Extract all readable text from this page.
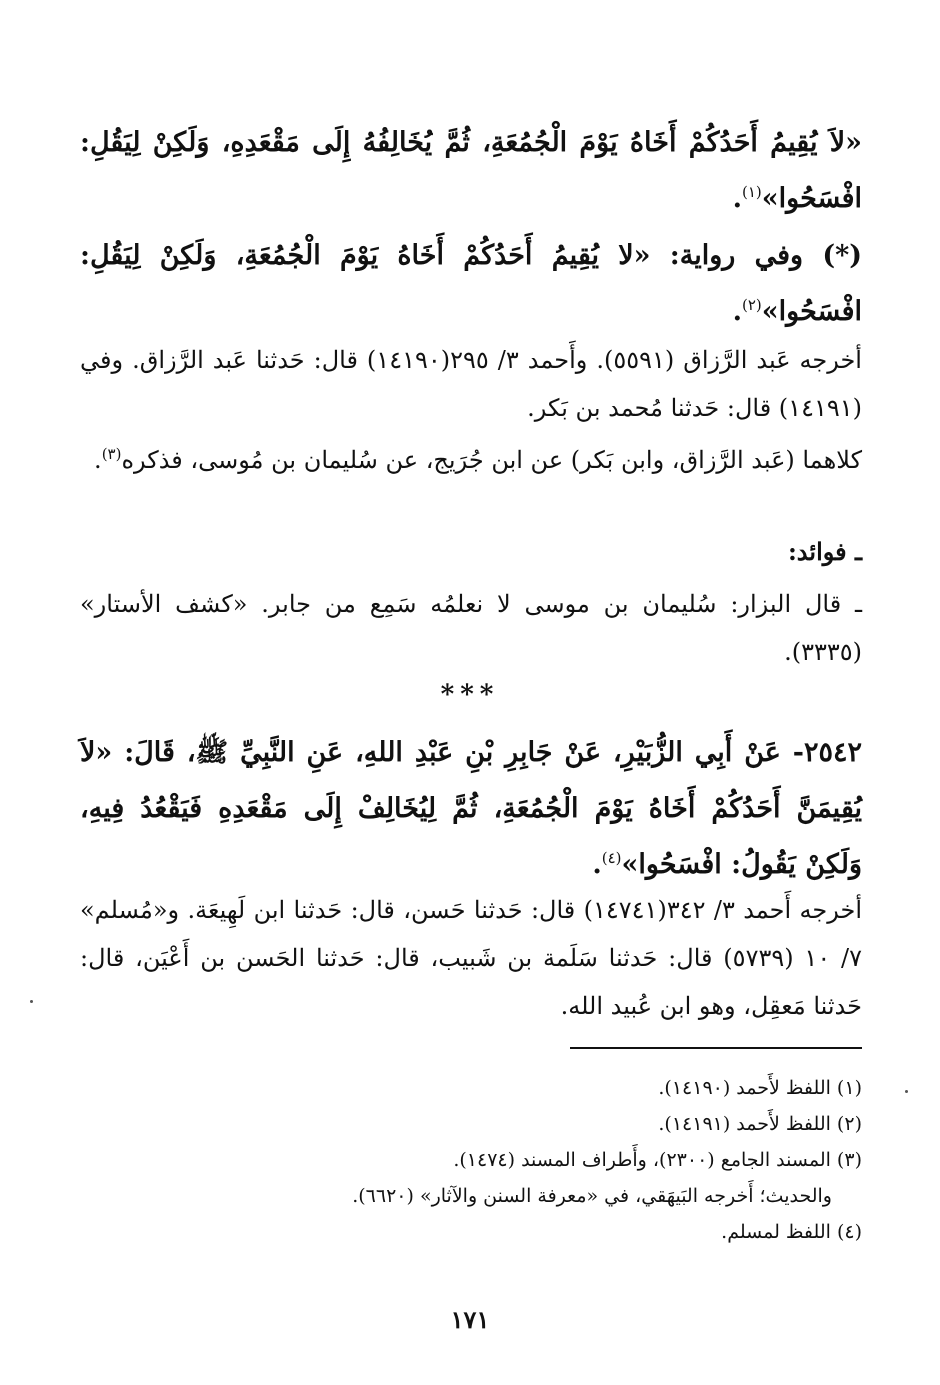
«لاَ يُقِيمُ أَحَدُكُمْ أَخَاهُ يَوْمَ الْجُمُعَةِ، ثُمَّ يُخَالِفُهُ إِلَى مَقْعَدِهِ، وَلَكِنْ لِيَقُلِ: افْسَحُوا»$^{(١)}$.

(*) وفي رواية: «لا يُقِيمُ أَحَدُكُمْ أَخَاهُ يَوْمَ الْجُمُعَةِ، وَلَكِنْ لِيَقُلِ: افْسَحُوا»$^{(٢)}$.

أخرجه عَبد الرَّزاق (٥٥٩١). وأَحمد ٣/ ٢٩٥(١٤١٩٠) قال: حَدثنا عَبد الرَّزاق. وفي (١٤١٩١) قال: حَدثنا مُحمد بن بَكر.

كلاهما (عَبد الرَّزاق، وابن بَكر) عن ابن جُرَيج، عن سُليمان بن مُوسى، فذكره$^{(٣)}$.

ـ فوائد:

ـ قال البزار: سُليمان بن موسى لا نعلمُه سَمِع من جابر. «كشف الأستار» (٣٣٣٥).

***

٢٥٤٢- عَنْ أَبِي الزُّبَيْرِ، عَنْ جَابِرِ بْنِ عَبْدِ اللهِ، عَنِ النَّبِيِّ ﷺ، قَالَ: «لاَ يُقِيمَنَّ أَحَدُكُمْ أَخَاهُ يَوْمَ الْجُمُعَةِ، ثُمَّ لِيُخَالِفْ إِلَى مَقْعَدِهِ فَيَقْعُدُ فِيهِ، وَلَكِنْ يَقُولُ: افْسَحُوا»$^{(٤)}$.

أخرجه أَحمد ٣/ ٣٤٢(١٤٧٤١) قال: حَدثنا حَسن، قال: حَدثنا ابن لَهِيعَة. و«مُسلم» ٧/ ١٠ (٥٧٣٩) قال: حَدثنا سَلَمة بن شَبيب، قال: حَدثنا الحَسن بن أَعْيَن، قال: حَدثنا مَعقِل، وهو ابن عُبيد الله.

(١) اللفظ لأَحمد (١٤١٩٠).
(٢) اللفظ لأَحمد (١٤١٩١).
(٣) المسند الجامع (٢٣٠٠)، وأَطراف المسند (١٤٧٤).
والحديث؛ أَخرجه البَيهَقي، في «معرفة السنن والآثار» (٦٦٢٠).
(٤) اللفظ لمسلم.
١٧١
